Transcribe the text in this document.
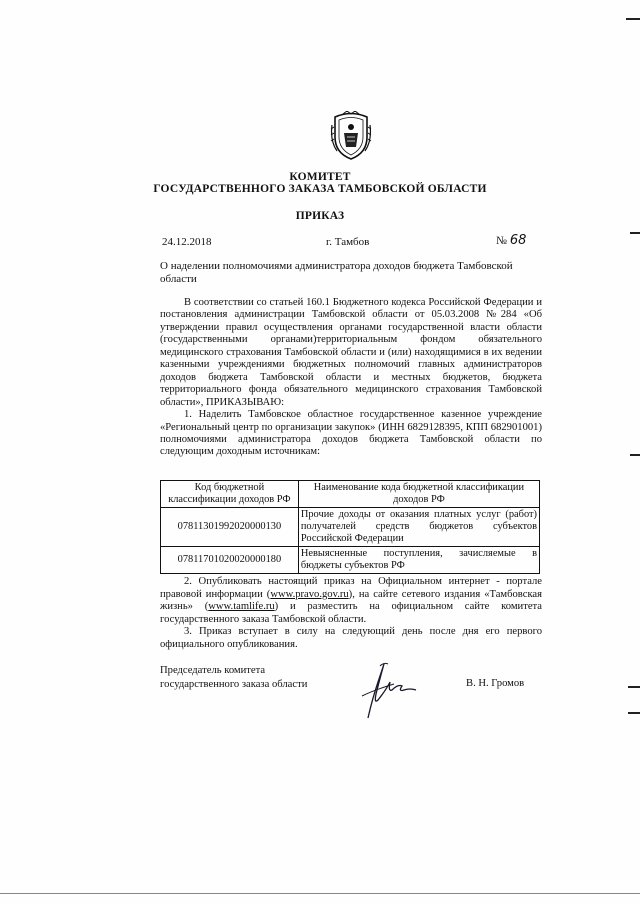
КОМИТЕТ
ГОСУДАРСТВЕННОГО ЗАКАЗА ТАМБОВСКОЙ ОБЛАСТИ
ПРИКАЗ
24.12.2018	г. Тамбов	№ 68
О наделении полномочиями администратора доходов бюджета Тамбовской области

В соответствии со статьей 160.1 Бюджетного кодекса Российской Федерации и постановления администрации Тамбовской области от 05.03.2008 №284 «Об утверждении правил осуществления органами государственной власти области (государственными органами)территориальным фондом обязательного медицинского страхования Тамбовской области и (или) находящимися в их ведении казенными учреждениями бюджетных полномочий главных администраторов доходов бюджета Тамбовской области и местных бюджетов, бюджета территориального фонда обязательного медицинского страхования Тамбовской области», ПРИКАЗЫВАЮ:

1. Наделить Тамбовское областное государственное казенное учреждение «Региональный центр по организации закупок» (ИНН 6829128395, КПП 682901001) полномочиями администратора доходов бюджета Тамбовской области по следующим доходным источникам:

Код бюджетной классификации доходов РФ	Наименование кода бюджетной классификации доходов РФ
07811301992020000130	Прочие доходы от оказания платных услуг (работ) получателей средств бюджетов субъектов Российской Федерации
07811701020020000180	Невыясненные поступления, зачисляемые в бюджеты субъектов РФ

2. Опубликовать настоящий приказ на Официальном интернет - портале правовой информации (www.pravo.gov.ru), на сайте сетевого издания «Тамбовская жизнь» (www.tamlife.ru) и разместить на официальном сайте комитета государственного заказа Тамбовской области.

3. Приказ вступает в силу на следующий день после дня его первого официального опубликования.

Председатель комитета
государственного заказа области	В. Н. Громов
